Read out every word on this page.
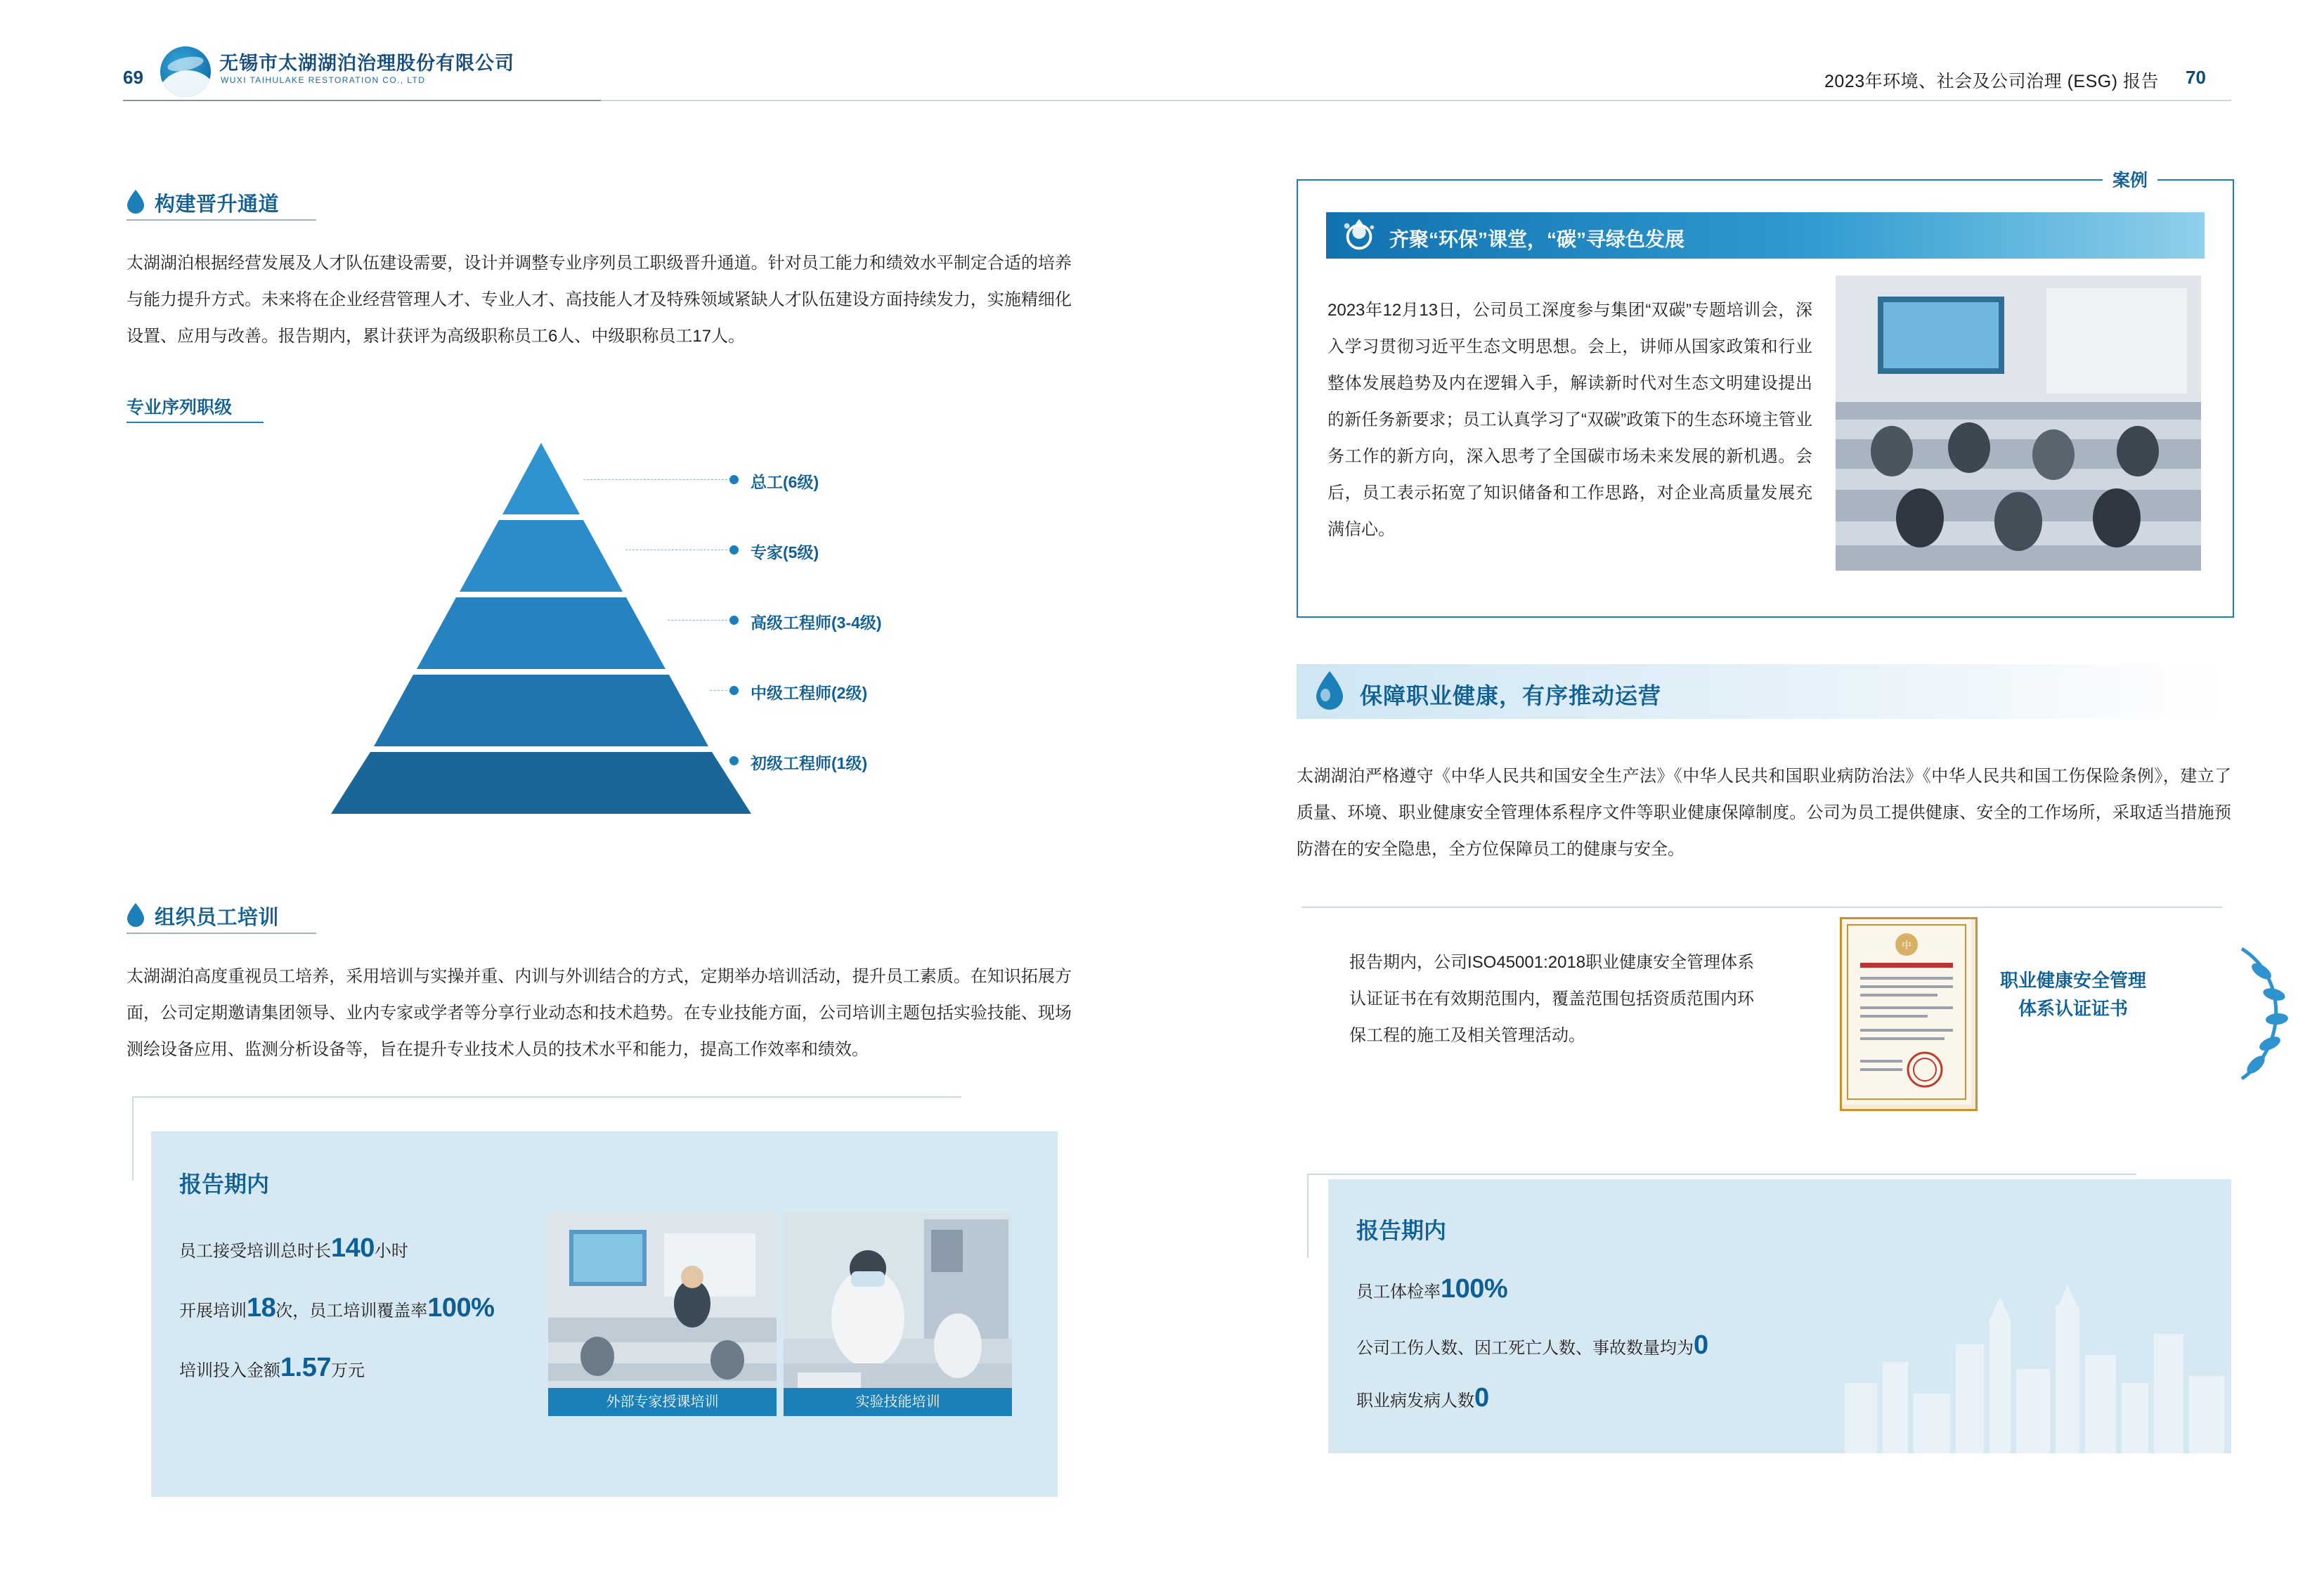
69
无锡市太湖湖泊治理股份有限公司
WUXI TAIHULAKE RESTORATION CO., LTD	2023年环境、社会及公司治理 (ESG) 报告 70
构建晋升通道

太湖湖泊根据经营发展及人才队伍建设需要，设计并调整专业序列员工职级晋升通道。针对员工能力和绩效水平制定合适的培养与能力提升方式。未来将在企业经营管理人才、专业人才、高技能人才及特殊领域紧缺人才队伍建设方面持续发力，实施精细化设置、应用与改善。报告期内，累计获评为高级职称员工6人、中级职称员工17人。

专业序列职级
总工(6级)
专家(5级)
高级工程师(3-4级)
中级工程师(2级)
初级工程师(1级)
组织员工培训

太湖湖泊高度重视员工培养，采用培训与实操并重、内训与外训结合的方式，定期举办培训活动，提升员工素质。在知识拓展方面，公司定期邀请集团领导、业内专家或学者等分享行业动态和技术趋势。在专业技能方面，公司培训主题包括实验技能、现场测绘设备应用、监测分析设备等，旨在提升专业技术人员的技术水平和能力，提高工作效率和绩效。

报告期内
员工接受培训总时长140小时
开展培训18次，员工培训覆盖率100%
培训投入金额1.57万元
外部专家授课培训	实验技能培训
案例
齐聚“环保”课堂，“碳”寻绿色发展

2023年12月13日，公司员工深度参与集团“双碳”专题培训会，深入学习贯彻习近平生态文明思想。会上，讲师从国家政策和行业整体发展趋势及内在逻辑入手，解读新时代对生态文明建设提出的新任务新要求；员工认真学习了“双碳”政策下的生态环境主管业务工作的新方向，深入思考了全国碳市场未来发展的新机遇。会后，员工表示拓宽了知识储备和工作思路，对企业高质量发展充满信心。

保障职业健康，有序推动运营

太湖湖泊严格遵守《中华人民共和国安全生产法》《中华人民共和国职业病防治法》《中华人民共和国工伤保险条例》，建立了质量、环境、职业健康安全管理体系程序文件等职业健康保障制度。公司为员工提供健康、安全的工作场所，采取适当措施预防潜在的安全隐患，全方位保障员工的健康与安全。

报告期内，公司ISO45001:2018职业健康安全管理体系认证证书在有效期范围内，覆盖范围包括资质范围内环保工程的施工及相关管理活动。

职业健康安全管理
体系认证证书
中
报告期内
员工体检率100%
公司工伤人数、因工死亡人数、事故数量均为0
职业病发病人数0
